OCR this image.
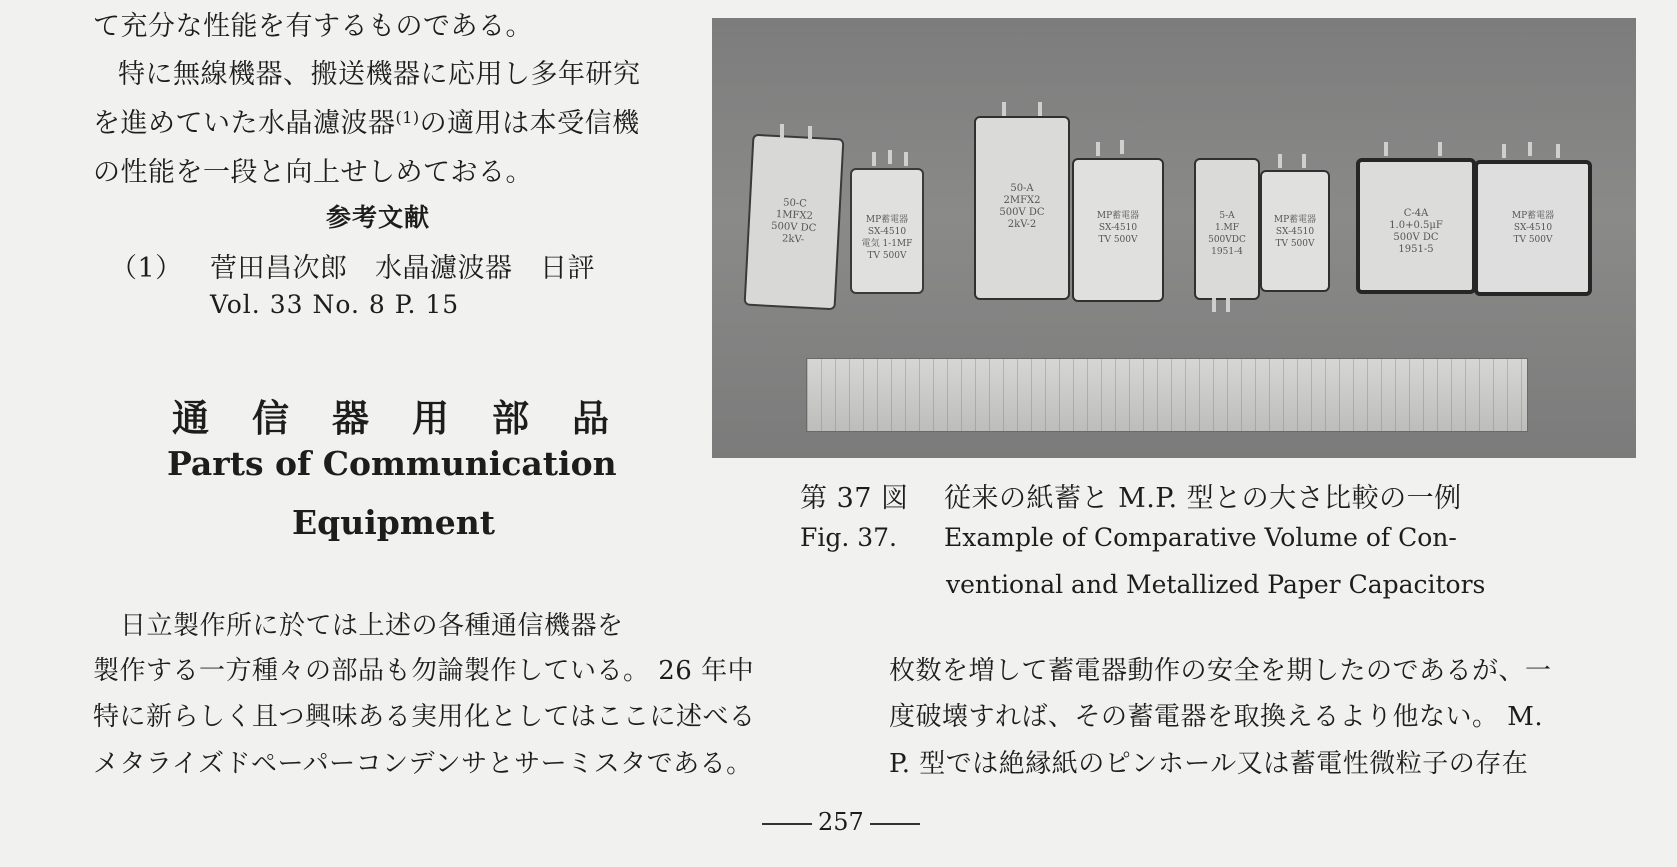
て充分な性能を有するものである。
特に無線機器、搬送機器に応用し多年研究
を進めていた水晶濾波器$^{(1)}$の適用は本受信機
の性能を一段と向上せしめておる。
参考文献
（1） 菅田昌次郎　水晶濾波器　日評
Vol. 33 No. 8 P. 15
通　信　器　用　部　品
Parts of Communication
Equipment
日立製作所に於ては上述の各種通信機器を
製作する一方種々の部品も勿論製作している。 26 年中
特に新らしく且つ興味ある実用化としてはここに述べる
メタライズドペーパーコンデンサとサーミスタである。
50-C
1MFX2
500V DC
2kV-
MP蓄電器
SX-4510
電気 1-1MF
TV 500V
50-A
2MFX2
500V DC
2kV-2
MP蓄電器
SX-4510
TV 500V
5-A
1.MF
500VDC
1951-4
MP蓄電器
SX-4510
TV 500V
C-4A
1.0+0.5μF
500V DC
1951-5
MP蓄電器
SX-4510
TV 500V
第 37 図 従来の紙蓄と M.P. 型との大さ比較の一例
Fig. 37. Example of Comparative Volume of Con-
ventional and Metallized Paper Capacitors
枚数を増して蓄電器動作の安全を期したのであるが、一
度破壊すれば、その蓄電器を取換えるより他ない。 M.
P. 型では絶縁紙のピンホール又は蓄電性微粒子の存在
257
